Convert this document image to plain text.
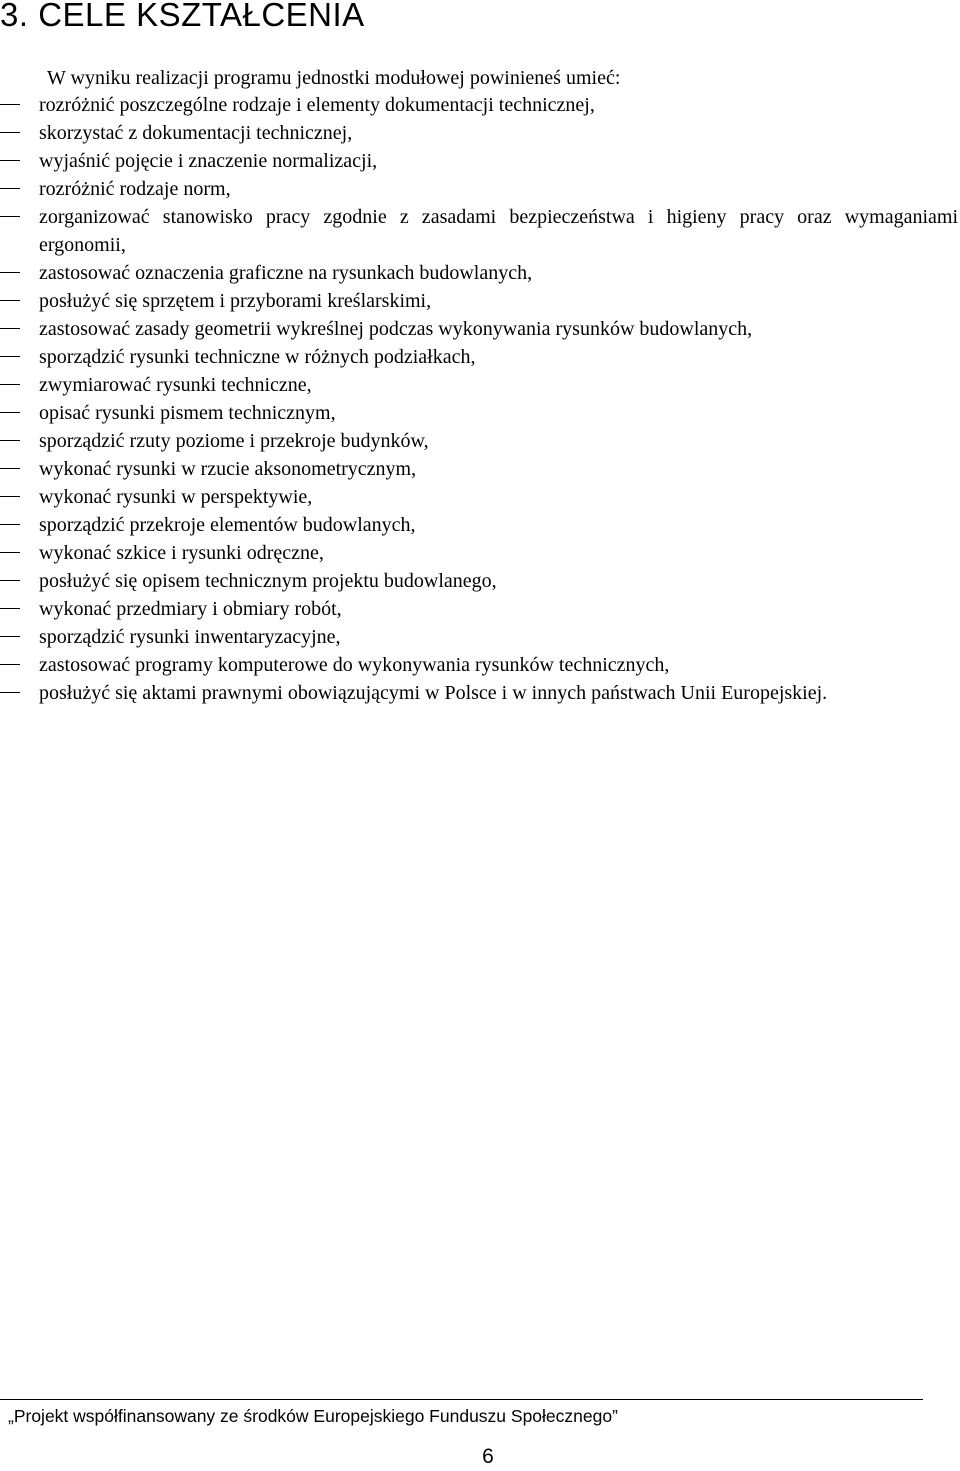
3. CELE KSZTAŁCENIA

W wyniku realizacji programu jednostki modułowej powinieneś umieć:

rozróżnić poszczególne rodzaje i elementy dokumentacji technicznej,
skorzystać z dokumentacji technicznej,
wyjaśnić pojęcie i znaczenie normalizacji,
rozróżnić rodzaje norm,
zorganizować stanowisko pracy zgodnie z zasadami bezpieczeństwa i higieny pracy oraz wymaganiami ergonomii,
zastosować oznaczenia graficzne na rysunkach budowlanych,
posłużyć się sprzętem i przyborami kreślarskimi,
zastosować zasady geometrii wykreślnej podczas wykonywania rysunków budowlanych,
sporządzić rysunki techniczne w różnych podziałkach,
zwymiarować rysunki techniczne,
opisać rysunki pismem technicznym,
sporządzić rzuty poziome i przekroje budynków,
wykonać rysunki w rzucie aksonometrycznym,
wykonać rysunki w perspektywie,
sporządzić przekroje elementów budowlanych,
wykonać szkice i rysunki odręczne,
posłużyć się opisem technicznym projektu budowlanego,
wykonać przedmiary i obmiary robót,
sporządzić rysunki inwentaryzacyjne,
zastosować programy komputerowe do wykonywania rysunków technicznych,
posłużyć się aktami prawnymi obowiązującymi w Polsce i w innych państwach Unii Europejskiej.
„Projekt współfinansowany ze środków Europejskiego Funduszu Społecznego”
6
